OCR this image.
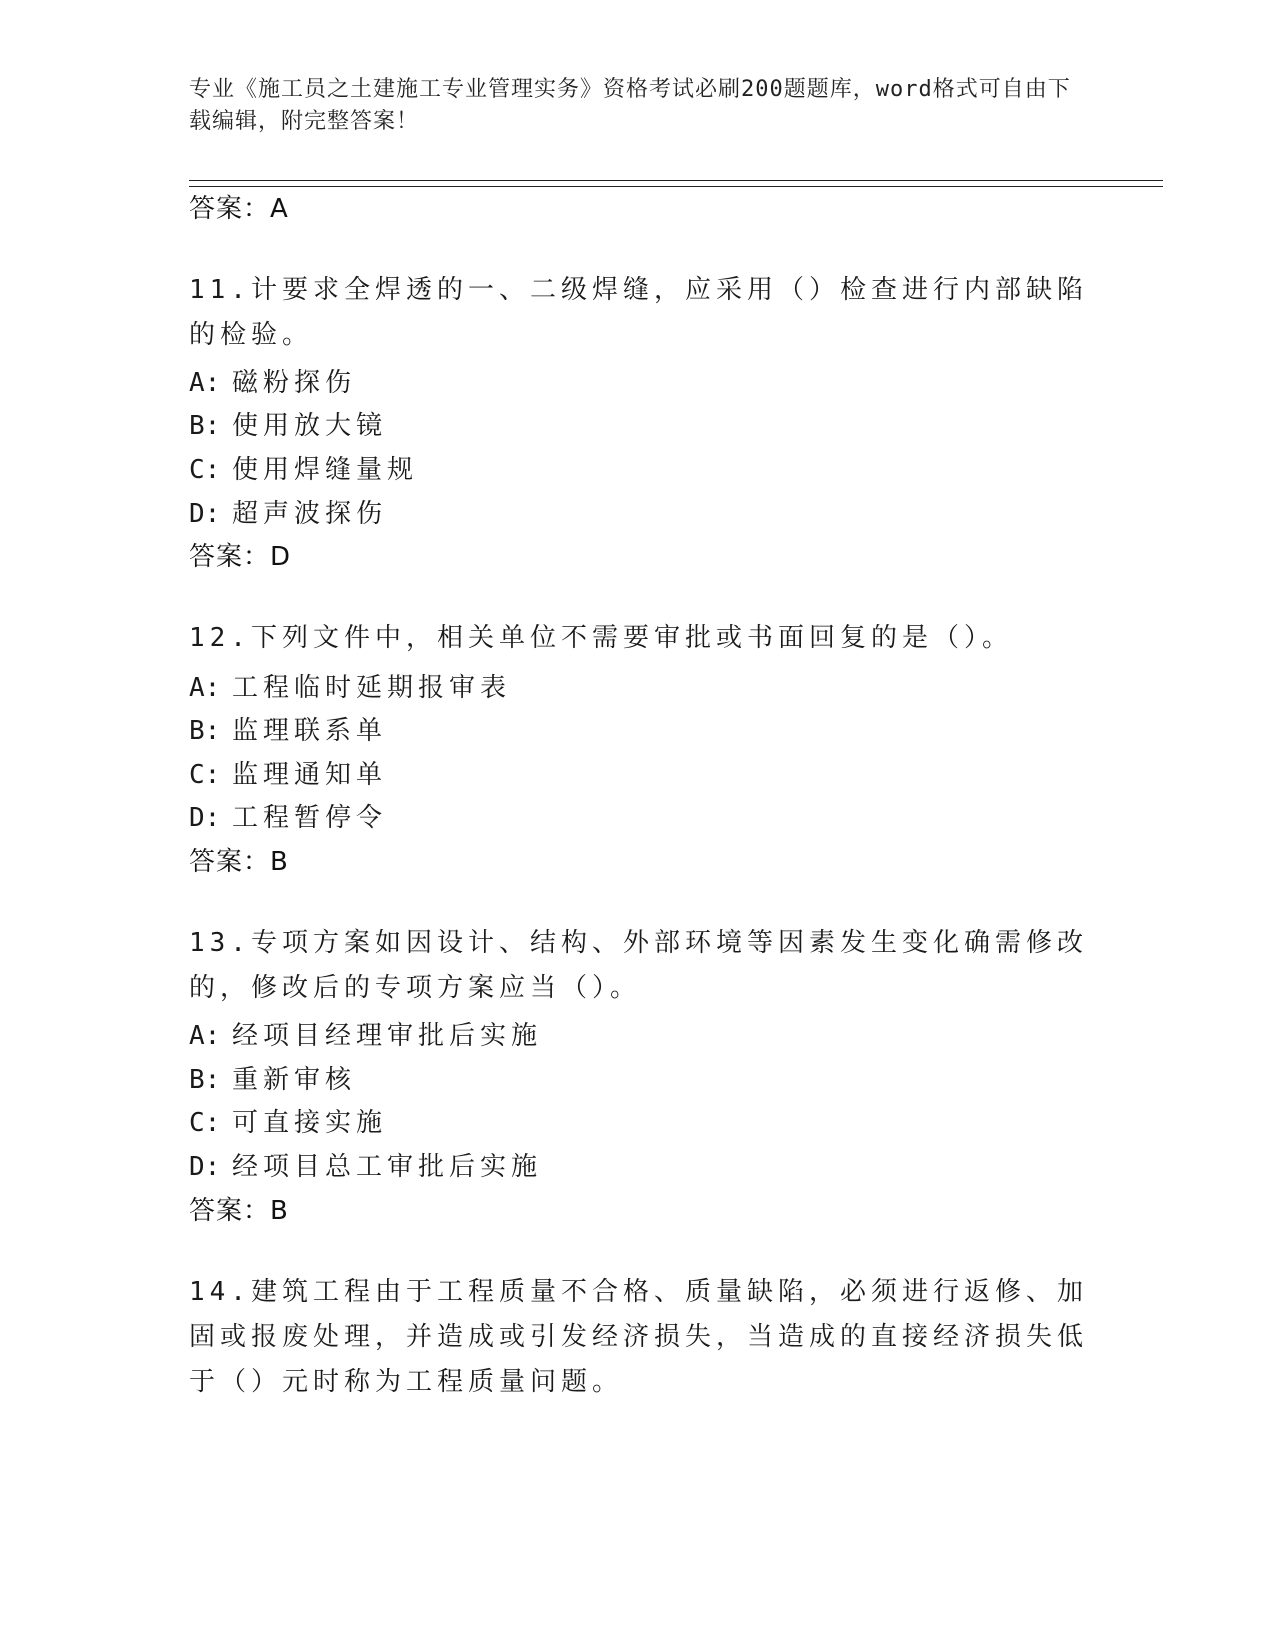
专业《施工员之土建施工专业管理实务》资格考试必刷200题题库，word格式可自由下载编辑，附完整答案！
答案：A
11.计要求全焊透的一、二级焊缝，应采用（）检查进行内部缺陷的检验。
A: 磁粉探伤
B: 使用放大镜
C: 使用焊缝量规
D: 超声波探伤
答案：D
12.下列文件中，相关单位不需要审批或书面回复的是（）。
A: 工程临时延期报审表
B: 监理联系单
C: 监理通知单
D: 工程暂停令
答案：B
13.专项方案如因设计、结构、外部环境等因素发生变化确需修改的，修改后的专项方案应当（）。
A: 经项目经理审批后实施
B: 重新审核
C: 可直接实施
D: 经项目总工审批后实施
答案：B
14.建筑工程由于工程质量不合格、质量缺陷，必须进行返修、加固或报废处理，并造成或引发经济损失，当造成的直接经济损失低于（）元时称为工程质量问题。
